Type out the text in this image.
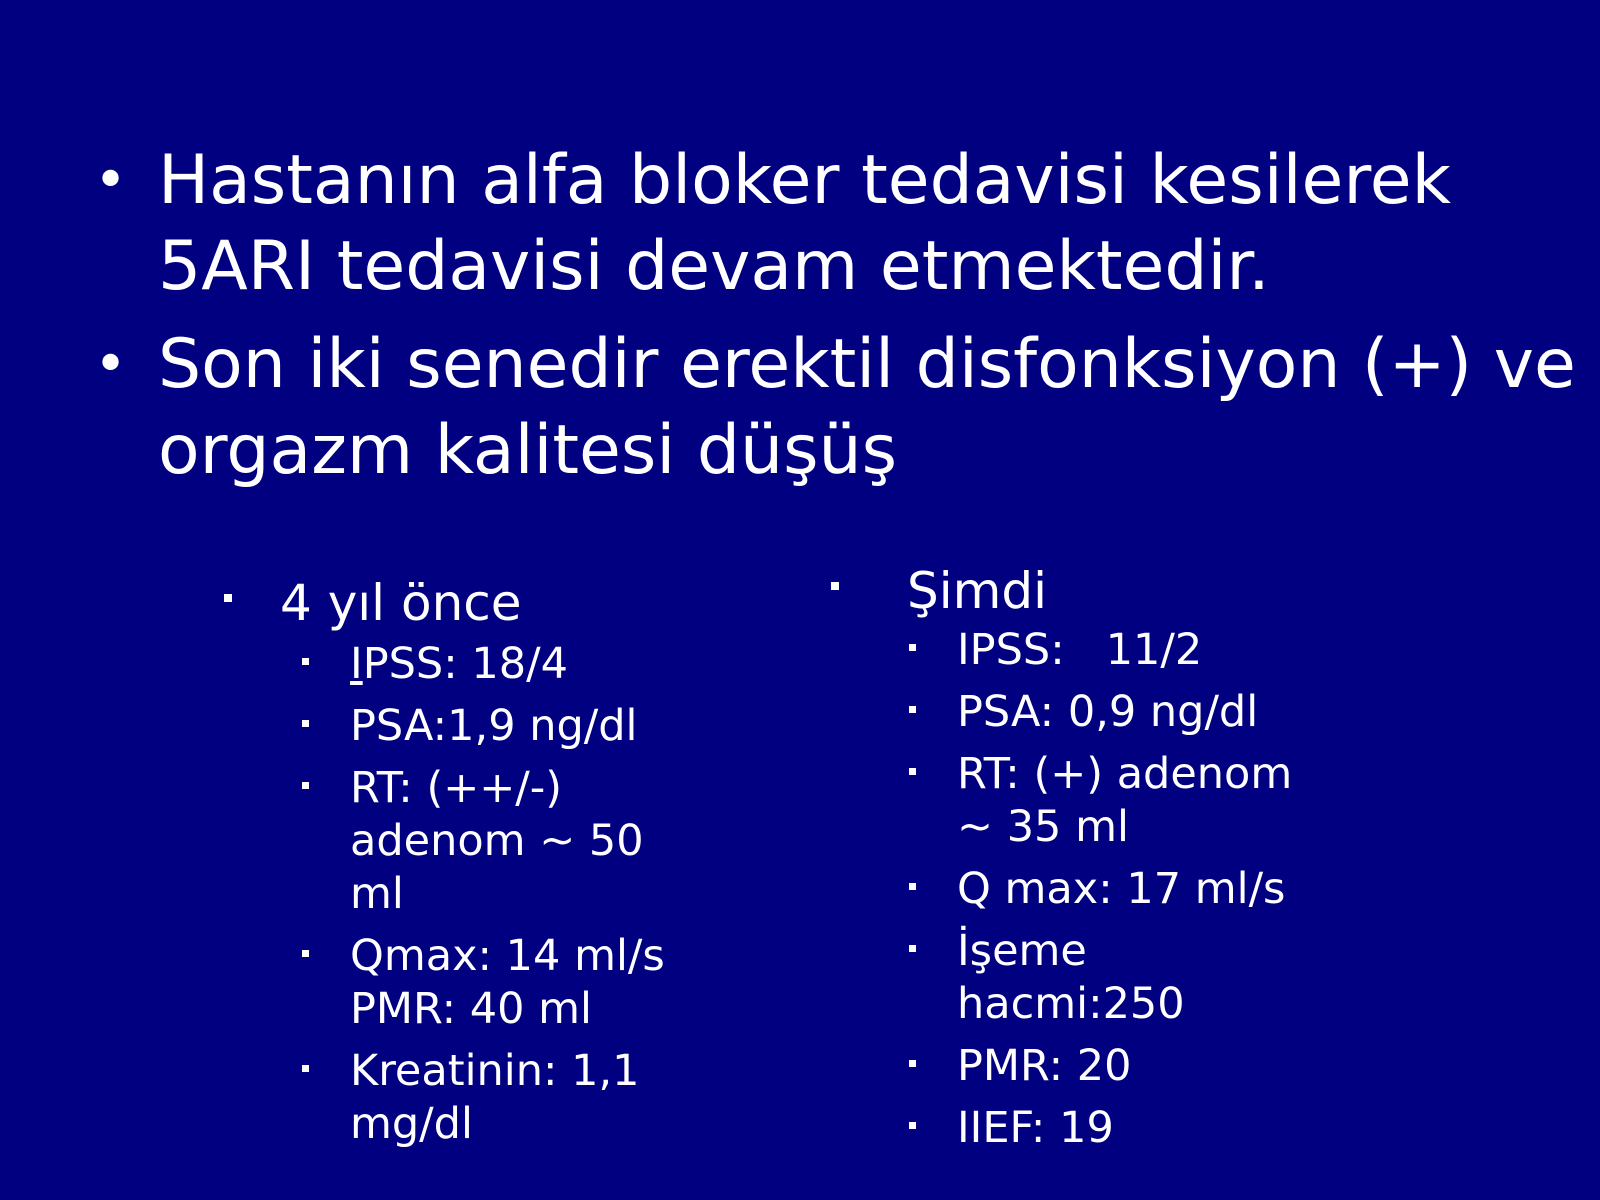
• Hastanın alfa bloker tedavisi kesilerek 5ARI tedavisi devam etmektedir.
• Son iki senedir erektil disfonksiyon (+) ve orgazm kalitesi düşüş
4 yıl önce
IPSS: 18/4
PSA:1,9 ng/dl
RT: (++/-) adenom ~ 50 ml
Qmax: 14 ml/s PMR: 40 ml
Kreatinin: 1,1 mg/dl
Şimdi
IPSS:   11/2
PSA: 0,9 ng/dl
RT: (+) adenom ~ 35 ml
Q max: 17 ml/s
İşeme hacmi:250
PMR: 20
IIEF: 19
